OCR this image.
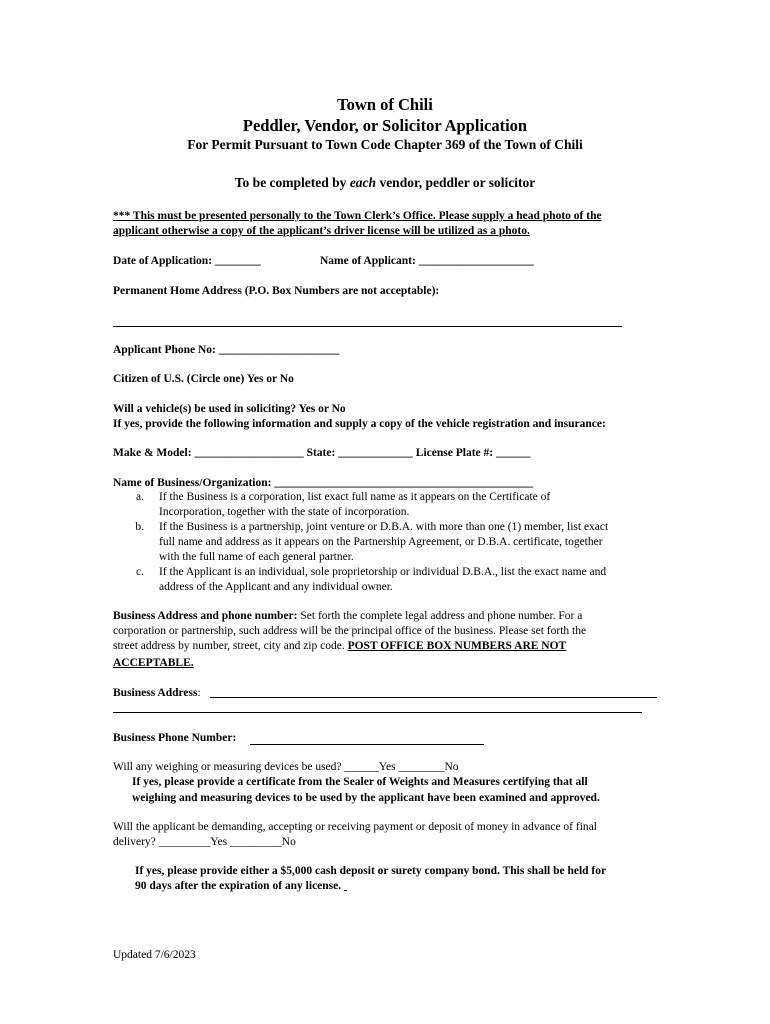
Town of Chili
Peddler, Vendor, or Solicitor Application
For Permit Pursuant to Town Code Chapter 369 of the Town of Chili
To be completed by each vendor, peddler or solicitor
*** This must be presented personally to the Town Clerk’s Office. Please supply a head photo of the
applicant otherwise a copy of the applicant’s driver license will be utilized as a photo.
Date of Application: ________	Name of Applicant: ____________________
Permanent Home Address (P.O. Box Numbers are not acceptable):
Applicant Phone No: _____________________
Citizen of U.S. (Circle one) Yes or No
Will a vehicle(s) be used in soliciting? Yes or No
If yes, provide the following information and supply a copy of the vehicle registration and insurance:
Make & Model: ___________________ State: _____________ License Plate #: ______
Name of Business/Organization: _____________________________________________
a. If the Business is a corporation, list exact full name as it appears on the Certificate of
Incorporation, together with the state of incorporation.
b. If the Business is a partnership, joint venture or D.B.A. with more than one (1) member, list exact
full name and address as it appears on the Partnership Agreement, or D.B.A. certificate, together
with the full name of each general partner.
c. If the Applicant is an individual, sole proprietorship or individual D.B.A., list the exact name and
address of the Applicant and any individual owner.
Business Address and phone number: Set forth the complete legal address and phone number. For a
corporation or partnership, such address will be the principal office of the business. Please set forth the
street address by number, street, city and zip code. POST OFFICE BOX NUMBERS ARE NOT
ACCEPTABLE.
Business Address:
Business Phone Number:
Will any weighing or measuring devices be used? ______Yes ________No
If yes, please provide a certificate from the Sealer of Weights and Measures certifying that all
weighing and measuring devices to be used by the applicant have been examined and approved.
Will the applicant be demanding, accepting or receiving payment or deposit of money in advance of final
delivery? _________Yes _________No
If yes, please provide either a $5,000 cash deposit or surety company bond. This shall be held for
90 days after the expiration of any license.
Updated 7/6/2023
